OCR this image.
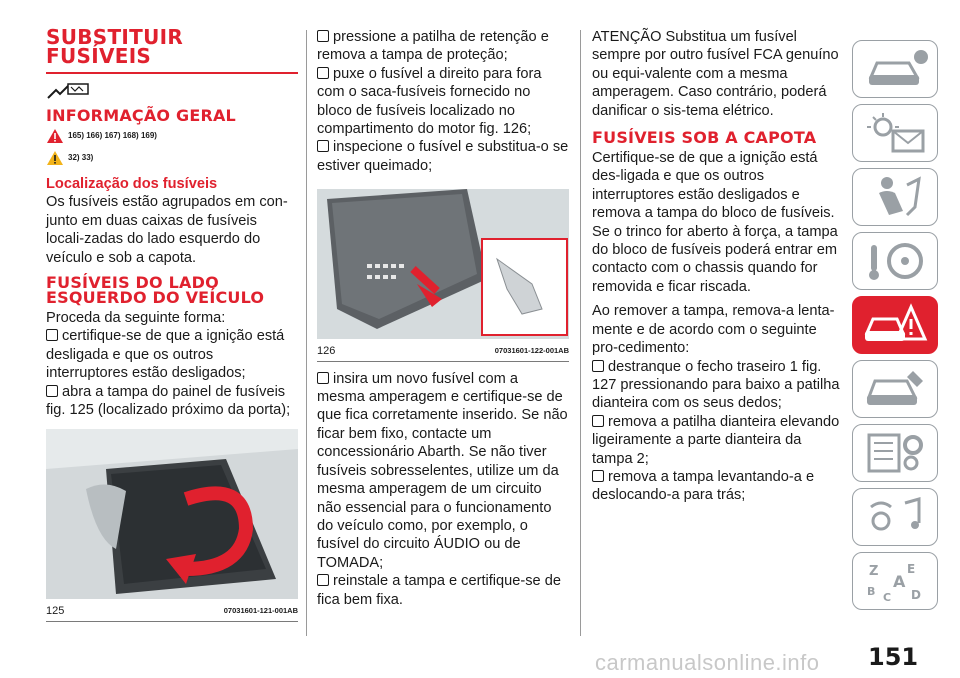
SUBSTITUIR
FUSÍVEIS
INFORMAÇÃO GERAL
165) 166) 167) 168) 169)
32) 33)
Localização dos fusíveis

Os fusíveis estão agrupados em con-junto em duas caixas de fusíveis locali-zadas do lado esquerdo do veículo e sob a capota.

FUSÍVEIS DO LADO
ESQUERDO DO VEÍCULO

Proceda da seguinte forma:

certifique-se de que a ignição está desligada e que os outros interruptores estão desligados;

abra a tampa do painel de fusíveis fig. 125 (localizado próximo da porta);

125	07031601-121-001AB

pressione a patilha de retenção e remova a tampa de proteção;

puxe o fusível a direito para fora com o saca-fusíveis fornecido no bloco de fusíveis localizado no compartimento do motor fig. 126;

inspecione o fusível e substitua-o se estiver queimado;

126	07031601-122-001AB

insira um novo fusível com a mesma amperagem e certifique-se de que fica corretamente inserido. Se não ficar bem fixo, contacte um concessionário Abarth. Se não tiver fusíveis sobresselentes, utilize um da mesma amperagem de um circuito não essencial para o funcionamento do veículo como, por exemplo, o fusível do circuito ÁUDIO ou de TOMADA;

reinstale a tampa e certifique-se de fica bem fixa.

ATENÇÃO Substitua um fusível sempre por outro fusível FCA genuíno ou equi-valente com a mesma amperagem. Caso contrário, poderá danificar o sis-tema elétrico.

FUSÍVEIS SOB A CAPOTA

Certifique-se de que a ignição está des-ligada e que os outros interruptores estão desligados e remova a tampa do bloco de fusíveis. Se o trinco for aberto à força, a tampa do bloco de fusíveis poderá entrar em contacto com o chassis quando for removida e ficar riscada.

Ao remover a tampa, remova-a lenta-mente e de acordo com o seguinte pro-cedimento:

destranque o fecho traseiro 1 fig. 127 pressionando para baixo a patilha dianteira com os seus dedos;

remova a patilha dianteira elevando ligeiramente a parte dianteira da tampa 2;

remova a tampa levantando-a e deslocando-a para trás;

Z E
A
B C D
carmanualsonline.info 151
